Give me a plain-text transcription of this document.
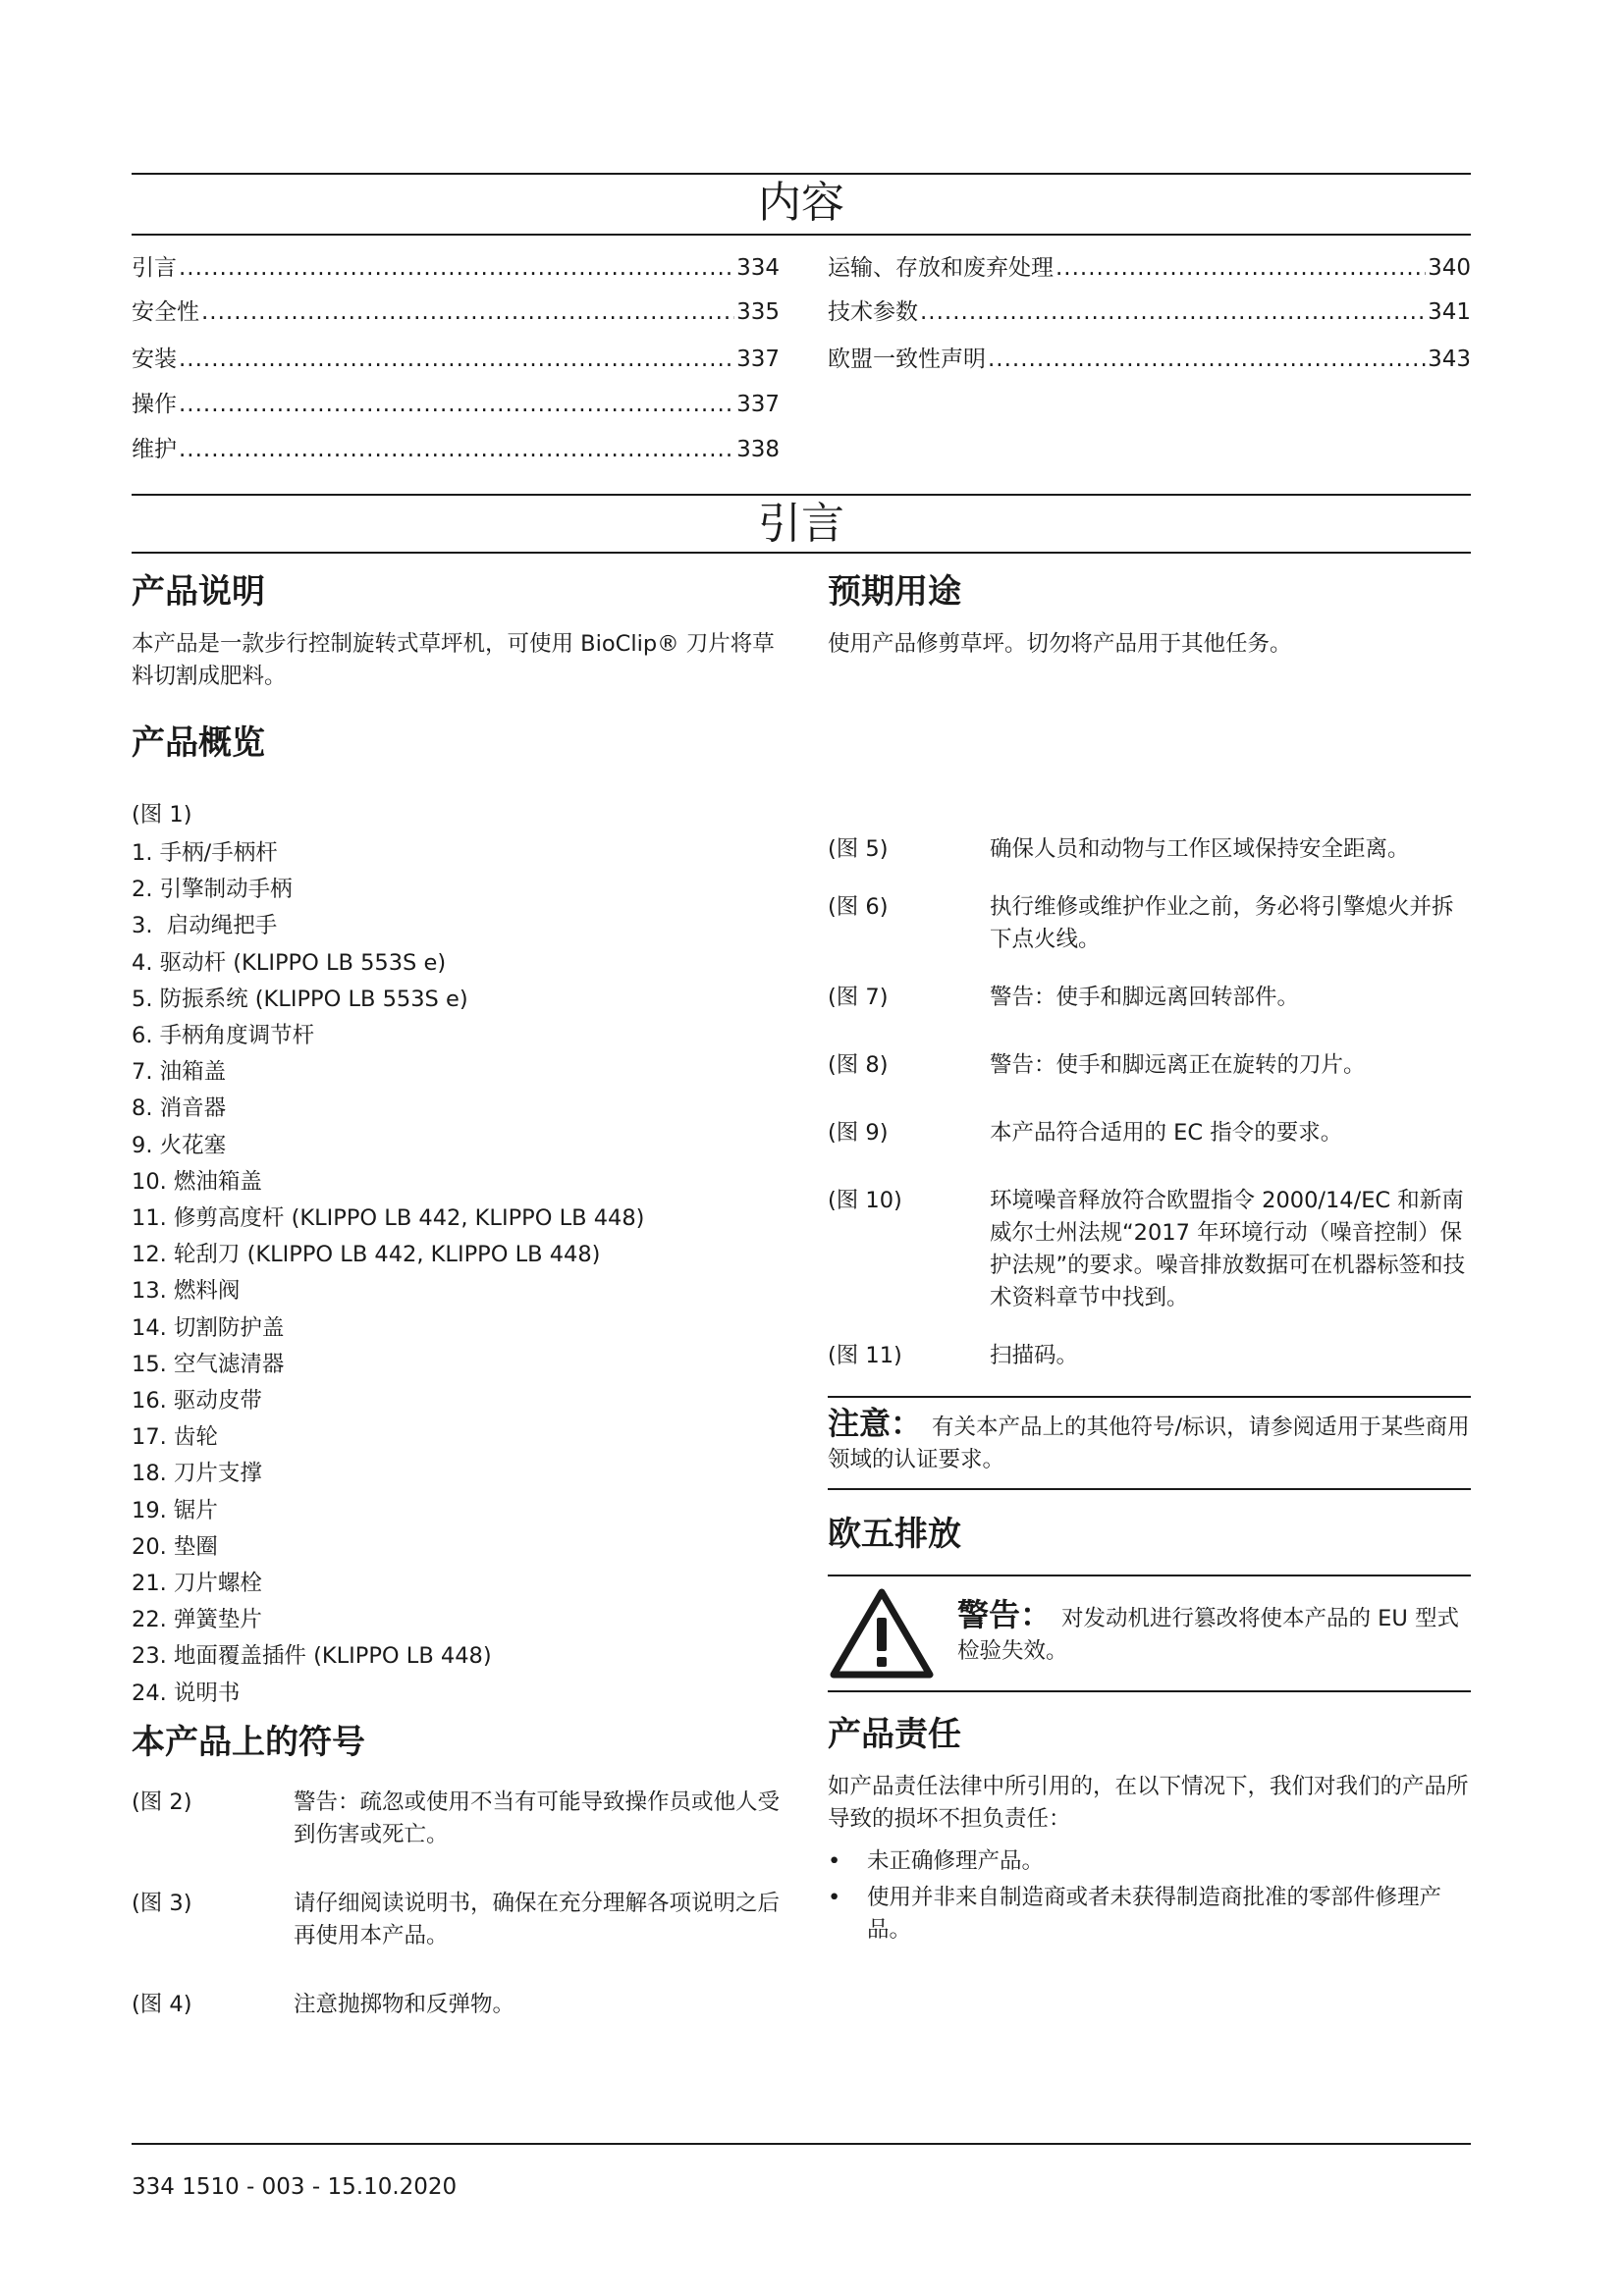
内容
引言 .....	334
安全性 .....	335
安装 .....	337
操作 .....	337
维护 .....	338
运输、存放和废弃处理 .....	340
技术参数 .....	341
欧盟一致性声明 .....	343
引言
产品说明

本产品是一款步行控制旋转式草坪机，可使用 BioClip® 刀片将草料切割成肥料。

产品概览

(图 1)

1. 手柄/手柄杆
2. 引擎制动手柄
3.  启动绳把手
4. 驱动杆 (KLIPPO LB 553S e)
5. 防振系统 (KLIPPO LB 553S e)
6. 手柄角度调节杆
7. 油箱盖
8. 消音器
9. 火花塞
10. 燃油箱盖
11. 修剪高度杆 (KLIPPO LB 442, KLIPPO LB 448)
12. 轮刮刀 (KLIPPO LB 442, KLIPPO LB 448)
13. 燃料阀
14. 切割防护盖
15. 空气滤清器
16. 驱动皮带
17. 齿轮
18. 刀片支撑
19. 锯片
20. 垫圈
21. 刀片螺栓
22. 弹簧垫片
23. 地面覆盖插件 (KLIPPO LB 448)
24. 说明书
本产品上的符号
(图 2)	警告：疏忽或使用不当有可能导致操作员或他人受到伤害或死亡。
(图 3)	请仔细阅读说明书，确保在充分理解各项说明之后再使用本产品。
(图 4)	注意抛掷物和反弹物。
预期用途

使用产品修剪草坪。切勿将产品用于其他任务。

(图 5)	确保人员和动物与工作区域保持安全距离。
(图 6)	执行维修或维护作业之前，务必将引擎熄火并拆下点火线。
(图 7)	警告：使手和脚远离回转部件。
(图 8)	警告：使手和脚远离正在旋转的刀片。
(图 9)	本产品符合适用的 EC 指令的要求。
(图 10)	环境噪音释放符合欧盟指令 2000/14/EC 和新南威尔士州法规“2017 年环境行动（噪音控制）保护法规”的要求。噪音排放数据可在机器标签和技术资料章节中找到。
(图 11)	扫描码。

注意： 有关本产品上的其他符号/标识，请参阅适用于某些商用领域的认证要求。

欧五排放

警告： 对发动机进行篡改将使本产品的 EU 型式检验失效。

产品责任

如产品责任法律中所引用的，在以下情况下，我们对我们的产品所导致的损坏不担负责任：

•	未正确修理产品。
•	使用并非来自制造商或者未获得制造商批准的零部件修理产品。
334 1510 - 003 - 15.10.2020
